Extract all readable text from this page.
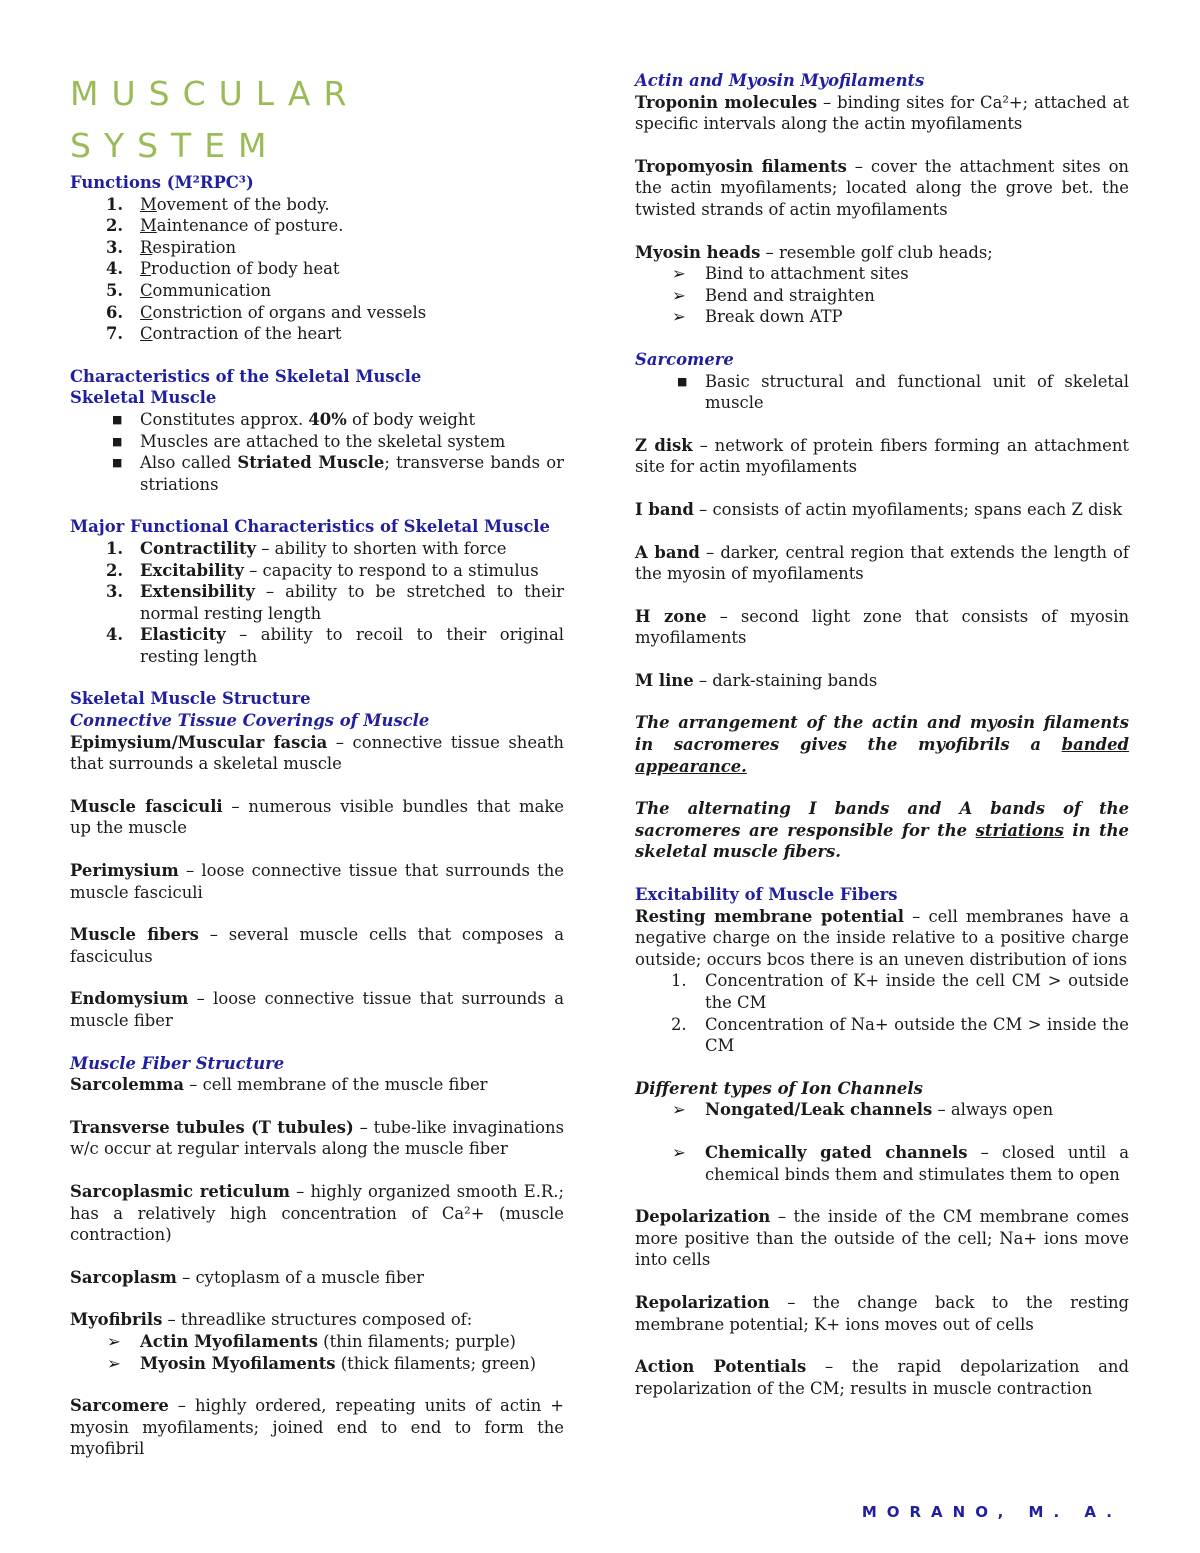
MUSCULAR SYSTEM
Functions (M²RPC³)
1. Movement of the body.
2. Maintenance of posture.
3. Respiration
4. Production of body heat
5. Communication
6. Constriction of organs and vessels
7. Contraction of the heart
Characteristics of the Skeletal Muscle
Skeletal Muscle
■ Constitutes approx. 40% of body weight
■ Muscles are attached to the skeletal system
■ Also called Striated Muscle; transverse bands or striations
Major Functional Characteristics of Skeletal Muscle
1. Contractility – ability to shorten with force
2. Excitability – capacity to respond to a stimulus
3. Extensibility – ability to be stretched to their normal resting length
4. Elasticity – ability to recoil to their original resting length
Skeletal Muscle Structure
Connective Tissue Coverings of Muscle
Epimysium/Muscular fascia – connective tissue sheath that surrounds a skeletal muscle
Muscle fasciculi – numerous visible bundles that make up the muscle
Perimysium – loose connective tissue that surrounds the muscle fasciculi
Muscle fibers – several muscle cells that composes a fasciculus
Endomysium – loose connective tissue that surrounds a muscle fiber
Muscle Fiber Structure
Sarcolemma – cell membrane of the muscle fiber
Transverse tubules (T tubules) – tube-like invaginations w/c occur at regular intervals along the muscle fiber
Sarcoplasmic reticulum – highly organized smooth E.R.; has a relatively high concentration of Ca²+ (muscle contraction)
Sarcoplasm – cytoplasm of a muscle fiber
Myofibrils – threadlike structures composed of:
➢ Actin Myofilaments (thin filaments; purple)
➢ Myosin Myofilaments (thick filaments; green)
Sarcomere – highly ordered, repeating units of actin + myosin myofilaments; joined end to end to form the myofibril
Actin and Myosin Myofilaments
Troponin molecules – binding sites for Ca²+; attached at specific intervals along the actin myofilaments
Tropomyosin filaments – cover the attachment sites on the actin myofilaments; located along the grove bet. the twisted strands of actin myofilaments
Myosin heads – resemble golf club heads;
➢ Bind to attachment sites
➢ Bend and straighten
➢ Break down ATP
Sarcomere
■ Basic structural and functional unit of skeletal muscle
Z disk – network of protein fibers forming an attachment site for actin myofilaments
I band – consists of actin myofilaments; spans each Z disk
A band – darker, central region that extends the length of the myosin of myofilaments
H zone – second light zone that consists of myosin myofilaments
M line – dark-staining bands
The arrangement of the actin and myosin filaments in sacromeres gives the myofibrils a banded appearance.
The alternating I bands and A bands of the sacromeres are responsible for the striations in the skeletal muscle fibers.
Excitability of Muscle Fibers
Resting membrane potential – cell membranes have a negative charge on the inside relative to a positive charge outside; occurs bcos there is an uneven distribution of ions
1. Concentration of K+ inside the cell CM > outside the CM
2. Concentration of Na+ outside the CM > inside the CM
Different types of Ion Channels
➢ Nongated/Leak channels – always open
➢ Chemically gated channels – closed until a chemical binds them and stimulates them to open
Depolarization – the inside of the CM membrane comes more positive than the outside of the cell; Na+ ions move into cells
Repolarization – the change back to the resting membrane potential; K+ ions moves out of cells
Action Potentials – the rapid depolarization and repolarization of the CM; results in muscle contraction
MORANO, M. A.
